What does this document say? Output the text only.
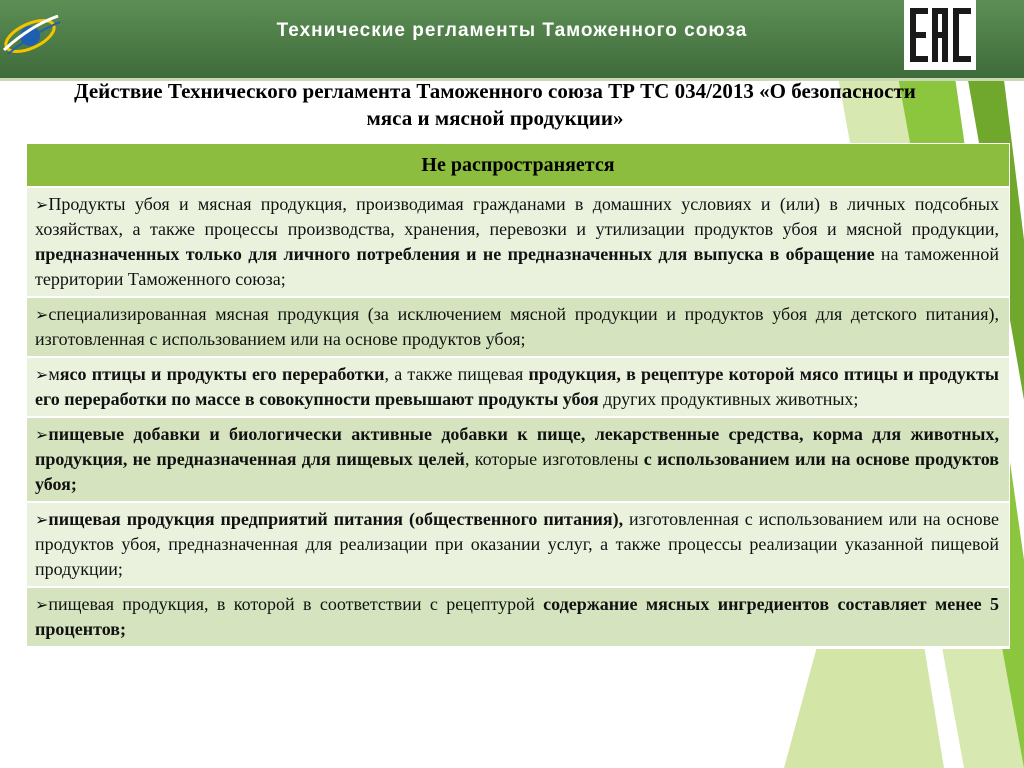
Технические регламенты Таможенного союза
Действие Технического регламента Таможенного союза ТР ТС 034/2013 «О безопасности мяса и мясной продукции»
Не распространяется
➢Продукты убоя и мясная продукция, производимая гражданами в домашних условиях и (или) в личных подсобных хозяйствах, а также процессы производства, хранения, перевозки и утилизации продуктов убоя и мясной продукции, предназначенных только для личного потребления и не предназначенных для выпуска в обращение на таможенной территории Таможенного союза;
➢специализированная мясная продукция (за исключением мясной продукции и продуктов убоя для детского питания), изготовленная с использованием или на основе продуктов убоя;
➢мясо птицы и продукты его переработки, а также пищевая продукция, в рецептуре которой мясо птицы и продукты его переработки по массе в совокупности превышают продукты убоя других продуктивных животных;
➢пищевые добавки и биологически активные добавки к пище, лекарственные средства, корма для животных, продукция, не предназначенная для пищевых целей, которые изготовлены с использованием или на основе продуктов убоя;
➢пищевая продукция предприятий питания (общественного питания), изготовленная с использованием или на основе продуктов убоя, предназначенная для реализации при оказании услуг, а также процессы реализации указанной пищевой продукции;
➢пищевая продукция, в которой в соответствии с рецептурой содержание мясных ингредиентов составляет менее 5 процентов;
